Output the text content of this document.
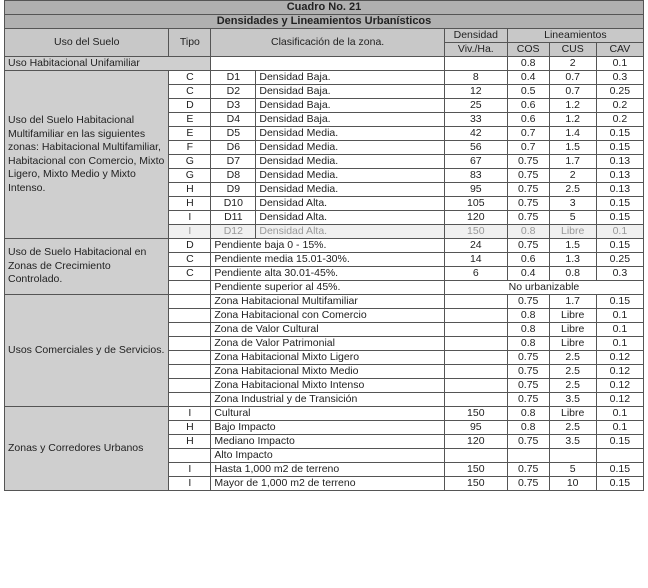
Cuadro No. 21							
Densidades y Lineamientos Urbanísticos							
Uso del Suelo	Tipo	Clasificación de la zona.		Densidad	Lineamientos		
				Viv./Ha.	COS	CUS	CAV
Uso Habitacional Unifamiliar					0.8	2	0.1
Uso del Suelo Habitacional Multifamiliar en las siguientes zonas: Habitacional Multifamiliar, Habitacional con Comercio, Mixto Ligero, Mixto Medio y Mixto Intenso.	C	D1	Densidad Baja.	8	0.4	0.7	0.3
	C	D2	Densidad Baja.	12	0.5	0.7	0.25
	D	D3	Densidad Baja.	25	0.6	1.2	0.2
	E	D4	Densidad Baja.	33	0.6	1.2	0.2
	E	D5	Densidad Media.	42	0.7	1.4	0.15
	F	D6	Densidad Media.	56	0.7	1.5	0.15
	G	D7	Densidad Media.	67	0.75	1.7	0.13
	G	D8	Densidad Media.	83	0.75	2	0.13
	H	D9	Densidad Media.	95	0.75	2.5	0.13
	H	D10	Densidad Alta.	105	0.75	3	0.15
	I	D11	Densidad Alta.	120	0.75	5	0.15
	I	D12	Densidad Alta.	150	0.8	Libre	0.1
Uso de Suelo Habitacional en Zonas de Crecimiento Controlado.	D	Pendiente baja 0 - 15%.		24	0.75	1.5	0.15
	C	Pendiente media 15.01-30%.		14	0.6	1.3	0.25
	C	Pendiente alta 30.01-45%.		6	0.4	0.8	0.3
		Pendiente superior al 45%.		No urbanizable			
Usos Comerciales y de Servicios.		Zona Habitacional Multifamiliar			0.75	1.7	0.15
		Zona Habitacional con Comercio			0.8	Libre	0.1
		Zona de Valor Cultural			0.8	Libre	0.1
		Zona de Valor Patrimonial			0.8	Libre	0.1
		Zona Habitacional Mixto Ligero			0.75	2.5	0.12
		Zona Habitacional Mixto Medio			0.75	2.5	0.12
		Zona Habitacional Mixto Intenso			0.75	2.5	0.12
		Zona Industrial y de Transición			0.75	3.5	0.12
Zonas y Corredores Urbanos	I	Cultural		150	0.8	Libre	0.1
	H	Bajo Impacto		95	0.8	2.5	0.1
	H	Mediano Impacto		120	0.75	3.5	0.15
		Alto Impacto					
	I	Hasta 1,000 m2 de terreno		150	0.75	5	0.15
	I	Mayor de 1,000 m2 de terreno		150	0.75	10	0.15
